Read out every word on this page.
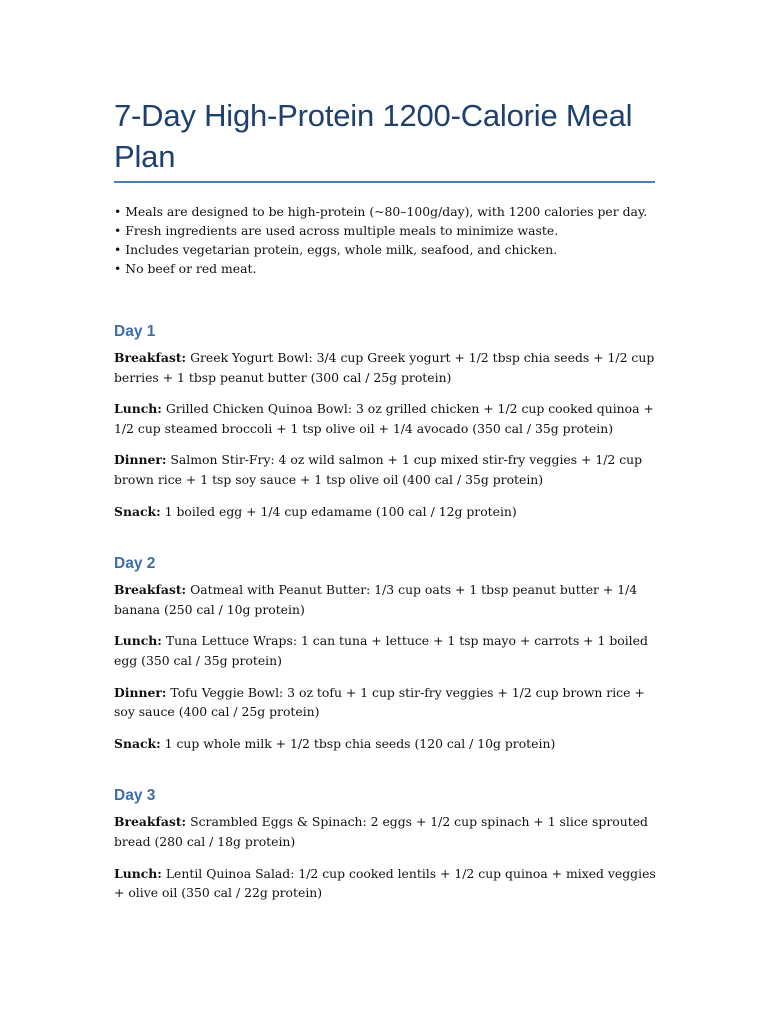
7-Day High-Protein 1200-Calorie Meal Plan
• Meals are designed to be high-protein (~80–100g/day), with 1200 calories per day.
• Fresh ingredients are used across multiple meals to minimize waste.
• Includes vegetarian protein, eggs, whole milk, seafood, and chicken.
• No beef or red meat.
Day 1

Breakfast: Greek Yogurt Bowl: 3/4 cup Greek yogurt + 1/2 tbsp chia seeds + 1/2 cup berries + 1 tbsp peanut butter (300 cal / 25g protein)

Lunch: Grilled Chicken Quinoa Bowl: 3 oz grilled chicken + 1/2 cup cooked quinoa + 1/2 cup steamed broccoli + 1 tsp olive oil + 1/4 avocado (350 cal / 35g protein)

Dinner: Salmon Stir-Fry: 4 oz wild salmon + 1 cup mixed stir-fry veggies + 1/2 cup brown rice + 1 tsp soy sauce + 1 tsp olive oil (400 cal / 35g protein)

Snack: 1 boiled egg + 1/4 cup edamame (100 cal / 12g protein)

Day 2

Breakfast: Oatmeal with Peanut Butter: 1/3 cup oats + 1 tbsp peanut butter + 1/4 banana (250 cal / 10g protein)

Lunch: Tuna Lettuce Wraps: 1 can tuna + lettuce + 1 tsp mayo + carrots + 1 boiled egg (350 cal / 35g protein)

Dinner: Tofu Veggie Bowl: 3 oz tofu + 1 cup stir-fry veggies + 1/2 cup brown rice + soy sauce (400 cal / 25g protein)

Snack: 1 cup whole milk + 1/2 tbsp chia seeds (120 cal / 10g protein)

Day 3

Breakfast: Scrambled Eggs & Spinach: 2 eggs + 1/2 cup spinach + 1 slice sprouted bread (280 cal / 18g protein)

Lunch: Lentil Quinoa Salad: 1/2 cup cooked lentils + 1/2 cup quinoa + mixed veggies + olive oil (350 cal / 22g protein)
